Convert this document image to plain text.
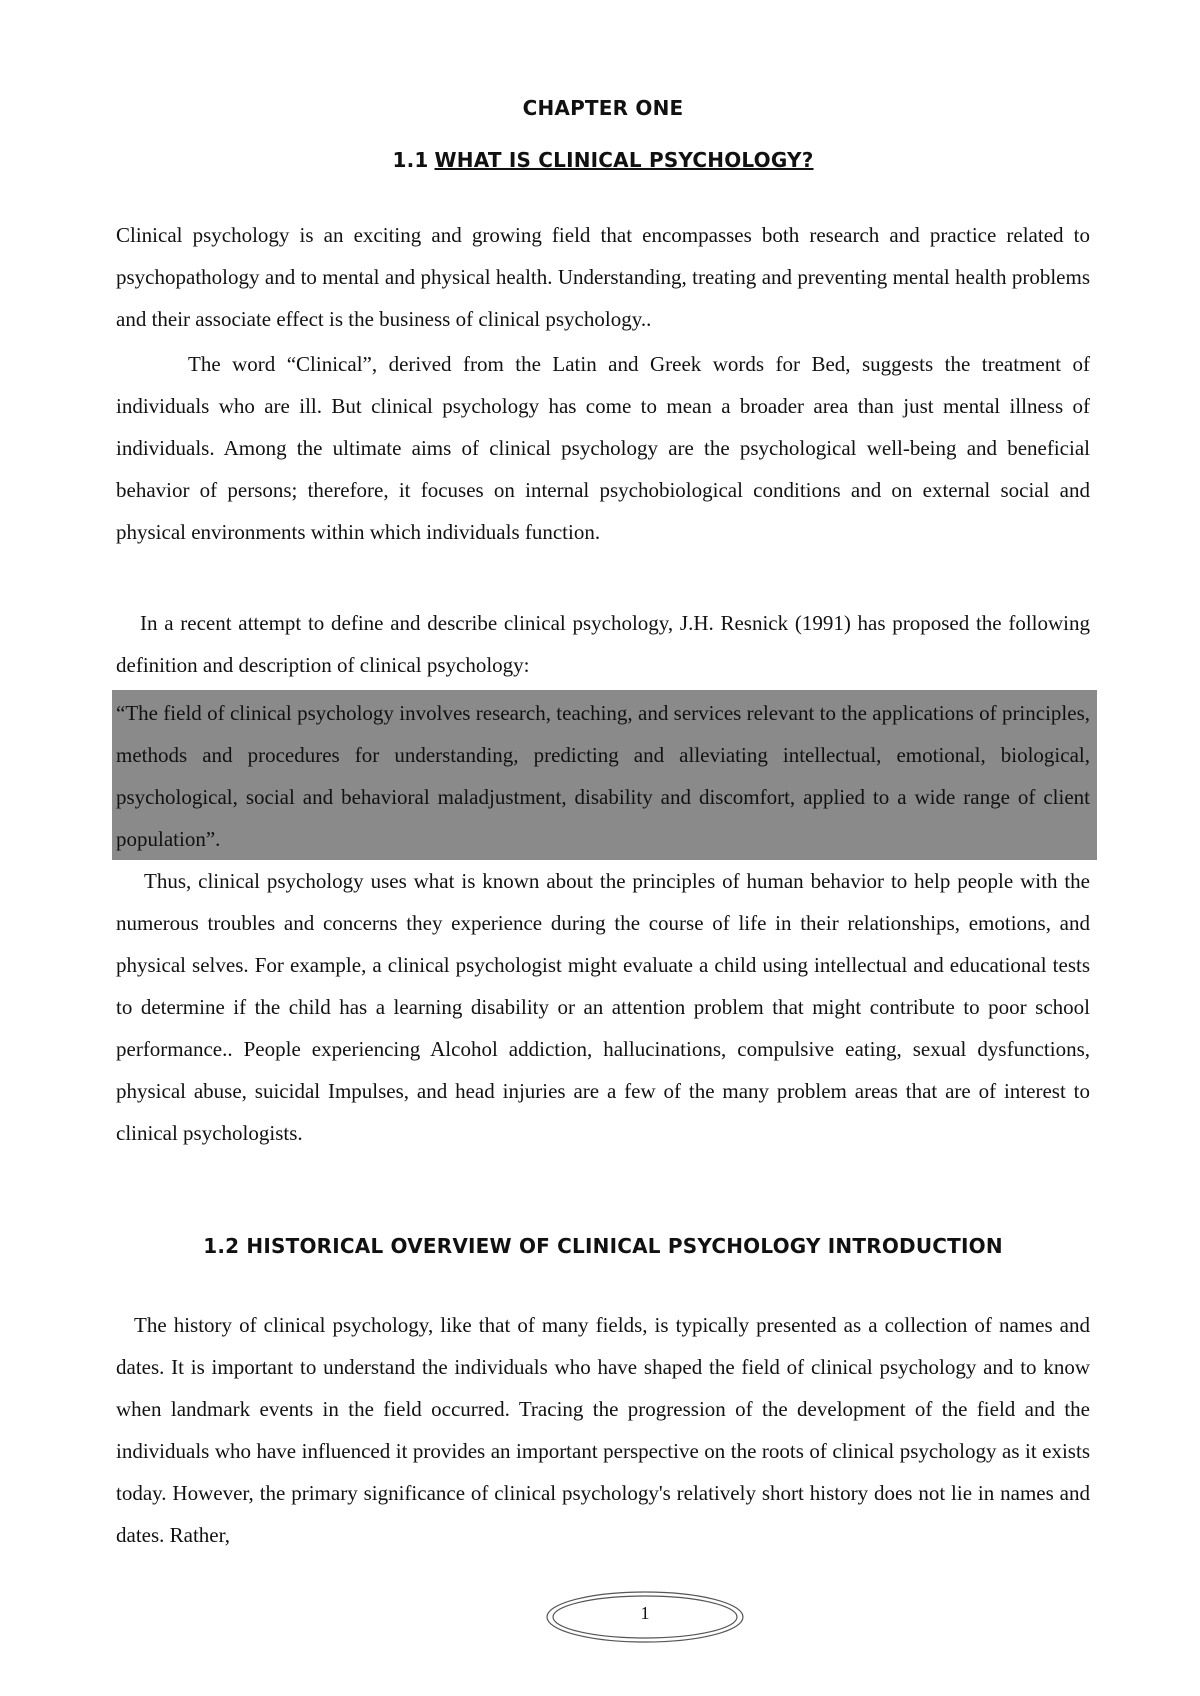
CHAPTER ONE
1.1 WHAT IS CLINICAL PSYCHOLOGY?

Clinical psychology is an exciting and growing field that encompasses both research and practice related to psychopathology and to mental and physical health. Understanding, treating and preventing mental health problems and their associate effect is the business of clinical psychology..

The word “Clinical”, derived from the Latin and Greek words for Bed, suggests the treatment of individuals who are ill. But clinical psychology has come to mean a broader area than just mental illness of individuals. Among the ultimate aims of clinical psychology are the psychological well-being and beneficial behavior of persons; therefore, it focuses on internal psychobiological conditions and on external social and physical environments within which individuals function.

In a recent attempt to define and describe clinical psychology, J.H. Resnick (1991) has proposed the following definition and description of clinical psychology:

“The field of clinical psychology involves research, teaching, and services relevant to the applications of principles, methods and procedures for understanding, predicting and alleviating intellectual, emotional, biological, psychological, social and behavioral maladjustment, disability and discomfort, applied to a wide range of client population”.

Thus, clinical psychology uses what is known about the principles of human behavior to help people with the numerous troubles and concerns they experience during the course of life in their relationships, emotions, and physical selves. For example, a clinical psychologist might evaluate a child using intellectual and educational tests to determine if the child has a learning disability or an attention problem that might contribute to poor school performance.. People experiencing Alcohol addiction, hallucinations, compulsive eating, sexual dysfunctions, physical abuse, suicidal Impulses, and head injuries are a few of the many problem areas that are of interest to clinical psychologists.

1.2 HISTORICAL OVERVIEW OF CLINICAL PSYCHOLOGY INTRODUCTION

The history of clinical psychology, like that of many fields, is typically presented as a collection of names and dates. It is important to understand the individuals who have shaped the field of clinical psychology and to know when landmark events in the field occurred. Tracing the progression of the development of the field and the individuals who have influenced it provides an important perspective on the roots of clinical psychology as it exists today. However, the primary significance of clinical psychology's relatively short history does not lie in names and dates. Rather,

1
